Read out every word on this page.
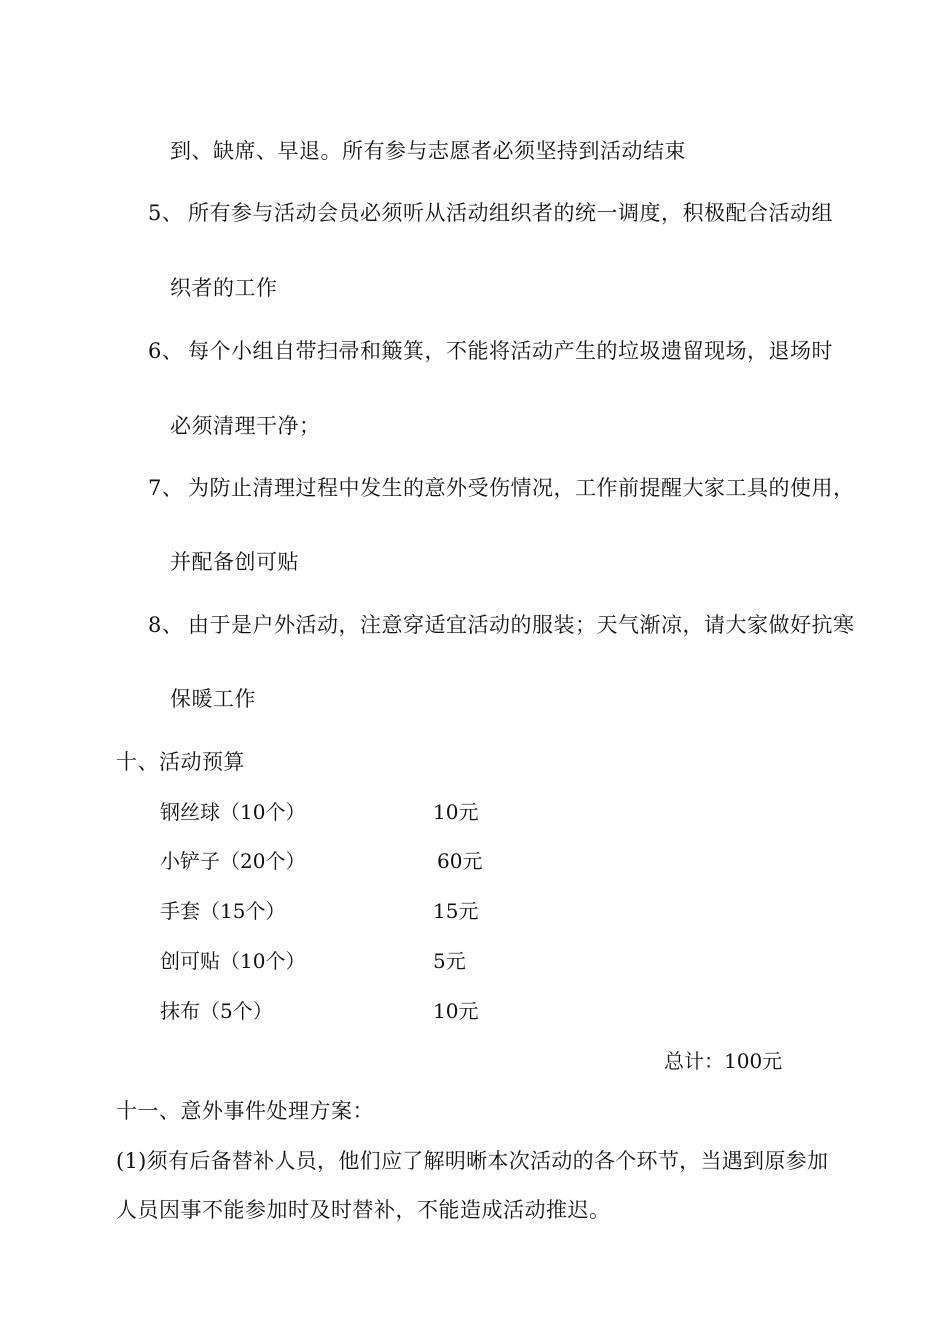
到、缺席、早退。所有参与志愿者必须坚持到活动结束
5、 所有参与活动会员必须听从活动组织者的统一调度，积极配合活动组
织者的工作
6、 每个小组自带扫帚和簸箕，不能将活动产生的垃圾遗留现场，退场时
必须清理干净；
7、 为防止清理过程中发生的意外受伤情况，工作前提醒大家工具的使用，
并配备创可贴
8、 由于是户外活动，注意穿适宜活动的服装；天气渐凉，请大家做好抗寒
保暖工作
十、活动预算
钢丝球（10个）	10元
小铲子（20个）	60元
手套（15个）	15元
创可贴（10个）	5元
抹布（5个）	10元
总计：100元
十一、意外事件处理方案：
(1)须有后备替补人员，他们应了解明晰本次活动的各个环节，当遇到原参加
人员因事不能参加时及时替补，不能造成活动推迟。
